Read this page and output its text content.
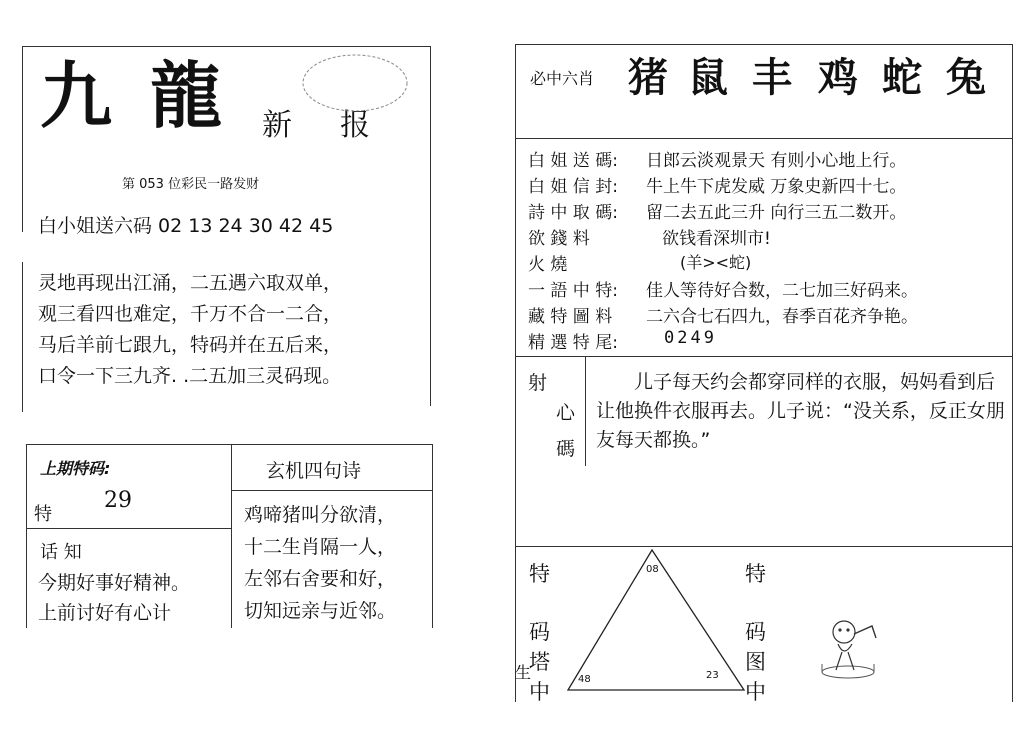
九 龍 新 报
第 053 位彩民一路发财
白小姐送六码 02 13 24 30 42 45
灵地再现出江涌，二五遇六取双单，
观三看四也难定，千万不合一二合，
马后羊前七跟九，特码并在五后来，
口令一下三九齐. .二五加三灵码现。
上期特码:
特
29
话 知
今期好事好精神。
上前讨好有心计
玄机四句诗
鸡啼猪叫分欲清，
十二生肖隔一人，
左邻右舍要和好，
切知远亲与近邻。
必中六肖 猪 鼠 丰 鸡 蛇 兔
白 姐 送 碼: 日郎云淡观景天 有则小心地上行。
白 姐 信 封: 牛上牛下虎发威 万象史新四十七。
詩 中 取 碼: 留二去五此三升 向行三五二数开。
欲 錢 料	欲钱看深圳市!
火 燒	(羊><蛇)
一 語 中 特: 佳人等待好合数，二七加三好码来。
藏 特 圖 料 二六合七石四九，春季百花齐争艳。
精 選 特 尾:	0249
射
心
碼
儿子每天约会都穿同样的衣服，妈妈看到后让他换件衣服再去。儿子说：“没关系，反正女朋友每天都换。”
特
码
塔
中
生
08
48	23
特
码
图
中
